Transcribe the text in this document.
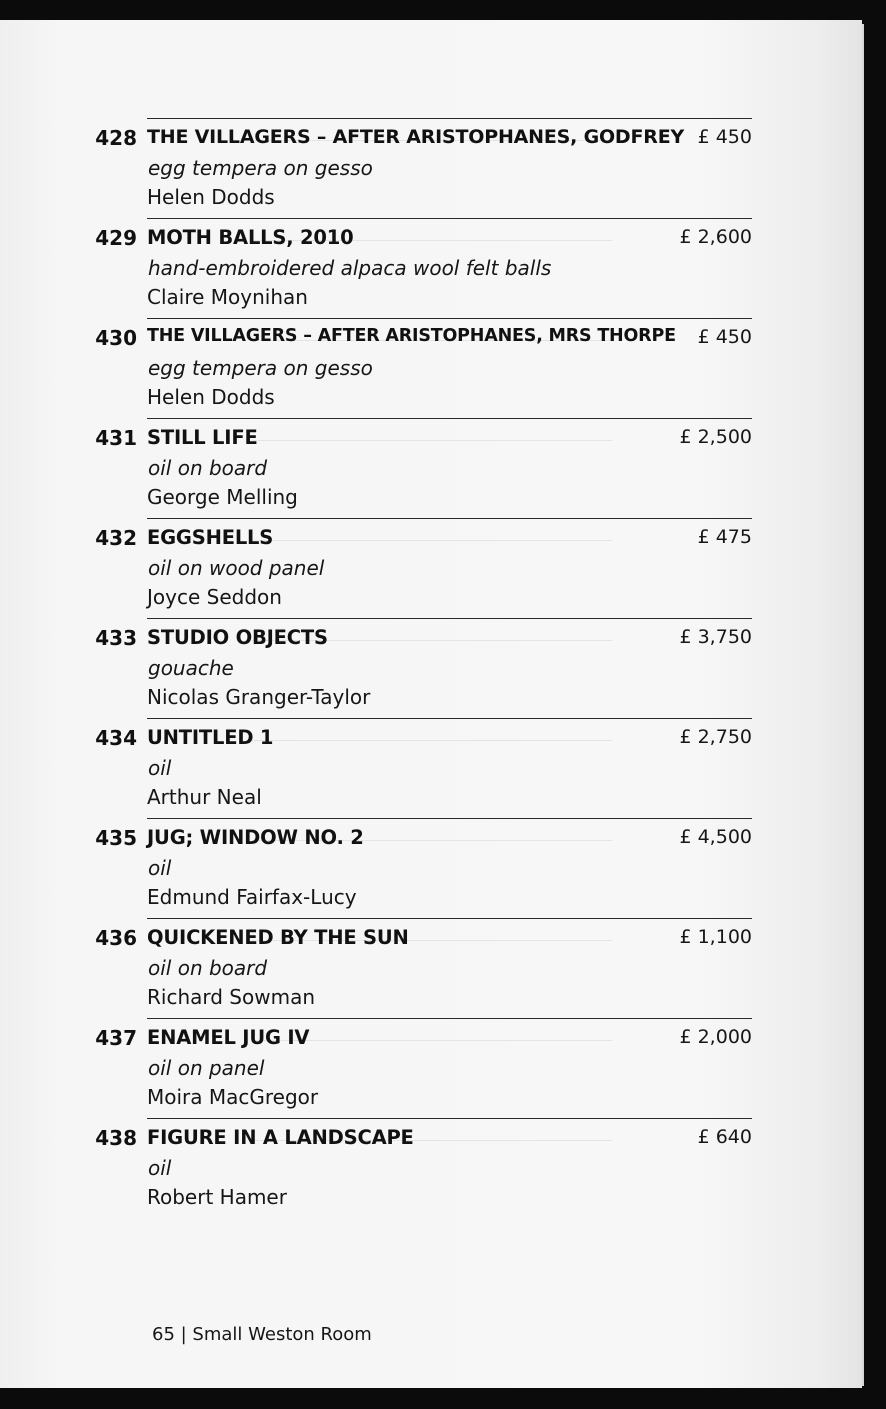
428 THE VILLAGERS – AFTER ARISTOPHANES, GODFREY
egg tempera on gesso
Helen Dodds
£ 450
429 MOTH BALLS, 2010
hand-embroidered alpaca wool felt balls
Claire Moynihan
£ 2,600
430 THE VILLAGERS – AFTER ARISTOPHANES, MRS THORPE
egg tempera on gesso
Helen Dodds
£ 450
431 STILL LIFE
oil on board
George Melling
£ 2,500
432 EGGSHELLS
oil on wood panel
Joyce Seddon
£ 475
433 STUDIO OBJECTS
gouache
Nicolas Granger-Taylor
£ 3,750
434 UNTITLED 1
oil
Arthur Neal
£ 2,750
435 JUG; WINDOW NO. 2
oil
Edmund Fairfax-Lucy
£ 4,500
436 QUICKENED BY THE SUN
oil on board
Richard Sowman
£ 1,100
437 ENAMEL JUG IV
oil on panel
Moira MacGregor
£ 2,000
438 FIGURE IN A LANDSCAPE
oil
Robert Hamer
£ 640
65 | Small Weston Room
